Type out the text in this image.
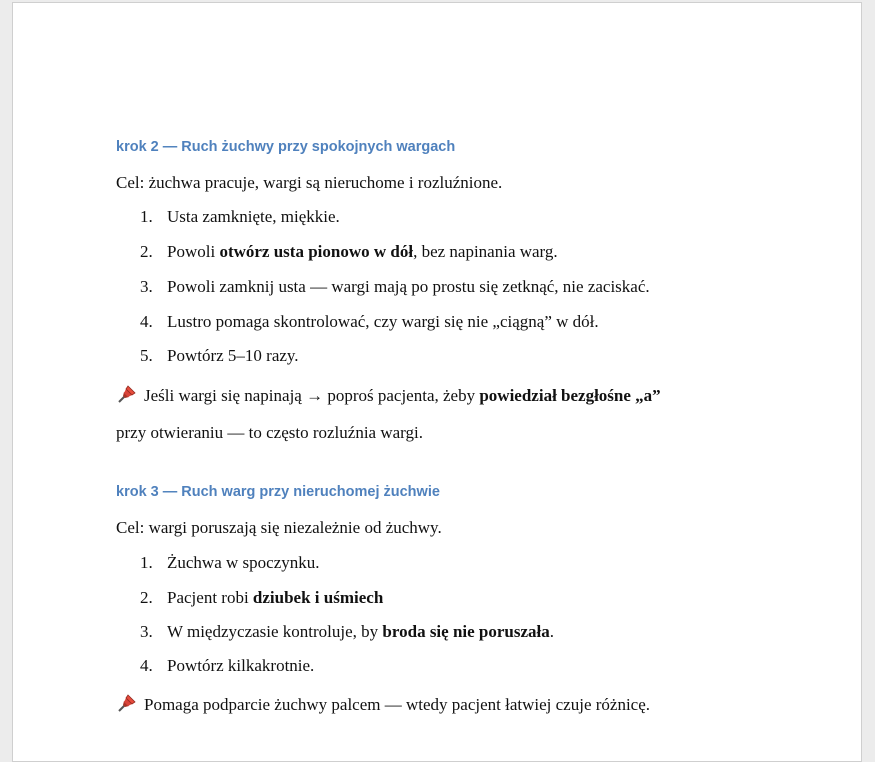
krok 2 — Ruch żuchwy przy spokojnych wargach
Cel: żuchwa pracuje, wargi są nieruchome i rozluźnione.
1. Usta zamknięte, miękkie.
2. Powoli otwórz usta pionowo w dół, bez napinania warg.
3. Powoli zamknij usta — wargi mają po prostu się zetknąć, nie zaciskać.
4. Lustro pomaga skontrolować, czy wargi się nie „ciągną” w dół.
5. Powtórz 5–10 razy.
Jeśli wargi się napinają → poproś pacjenta, żeby powiedział bezgłośne „a”
przy otwieraniu — to często rozluźnia wargi.
krok 3 — Ruch warg przy nieruchomej żuchwie
Cel: wargi poruszają się niezależnie od żuchwy.
1. Żuchwa w spoczynku.
2. Pacjent robi dziubek i uśmiech
3. W międzyczasie kontroluje, by broda się nie poruszała.
4. Powtórz kilkakrotnie.
Pomaga podparcie żuchwy palcem — wtedy pacjent łatwiej czuje różnicę.
